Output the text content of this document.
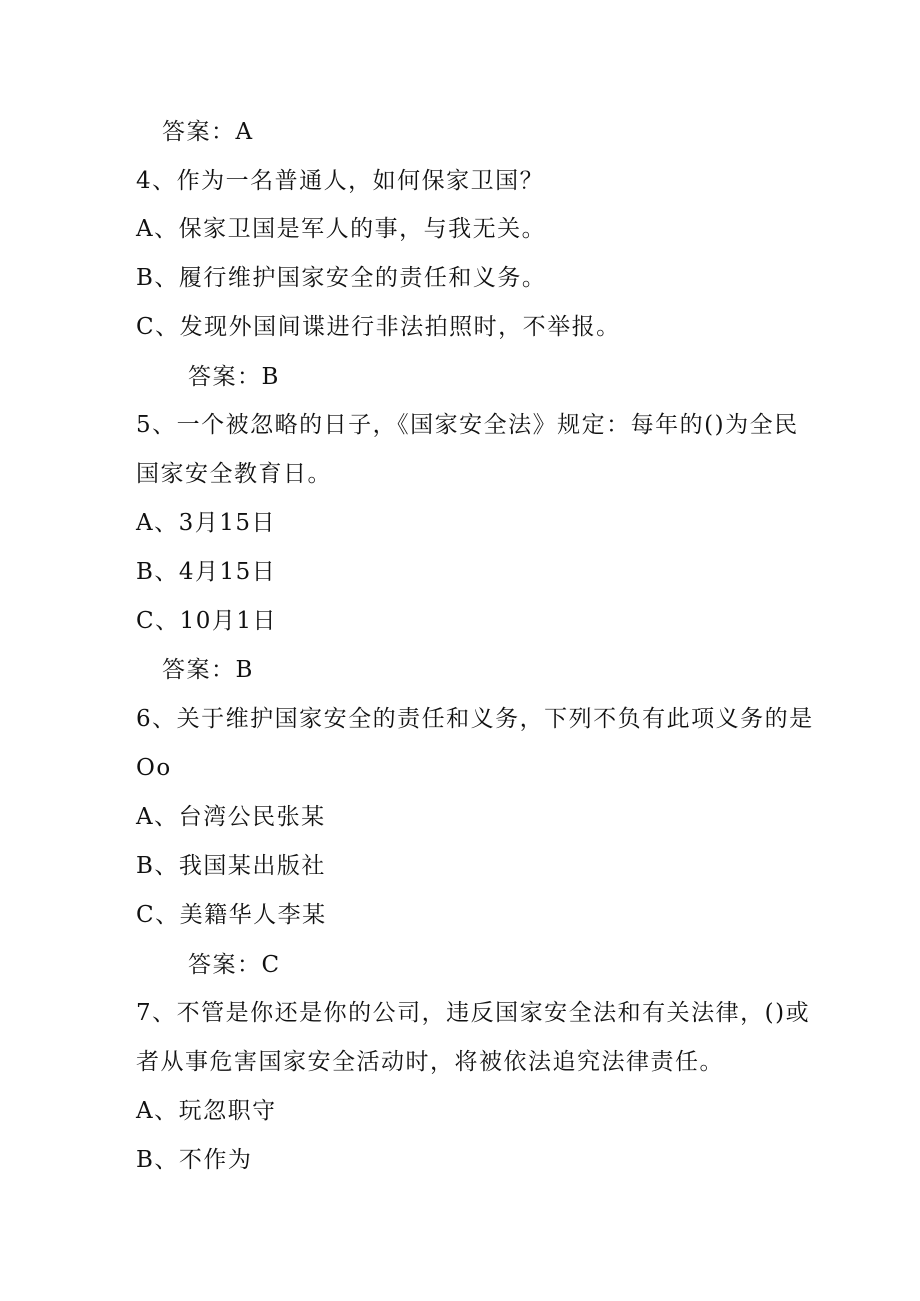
答案：A
4、作为一名普通人，如何保家卫国？
A、保家卫国是军人的事，与我无关。
B、履行维护国家安全的责任和义务。
C、发现外国间谍进行非法拍照时，不举报。
答案：B
5、一个被忽略的日子，《国家安全法》规定：每年的()为全民
国家安全教育日。
A、3月15日
B、4月15日
C、10月1日
答案：B
6、关于维护国家安全的责任和义务，下列不负有此项义务的是
Oo
A、台湾公民张某
B、我国某出版社
C、美籍华人李某
答案：C
7、不管是你还是你的公司，违反国家安全法和有关法律，()或
者从事危害国家安全活动时，将被依法追究法律责任。
A、玩忽职守
B、不作为
